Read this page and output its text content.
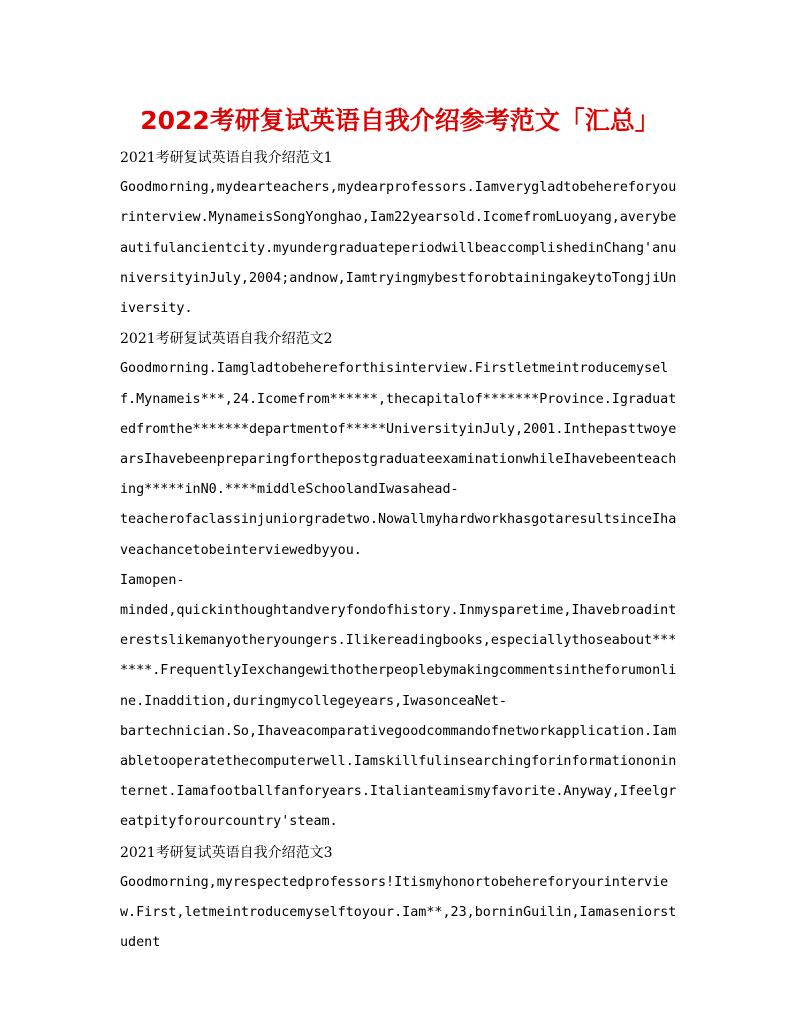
2022考研复试英语自我介绍参考范文「汇总」
2021考研复试英语自我介绍范文1

Goodmorning,mydearteachers,mydearprofessors.Iamverygladtobehereforyourinterview.MynameisSongYonghao,Iam22yearsold.IcomefromLuoyang,averybeautifulancientcity.myundergraduateperiodwillbeaccomplishedinChang'anuniversityinJuly,2004;andnow,IamtryingmybestforobtainingakeytoTongjiUniversity.

2021考研复试英语自我介绍范文2

Goodmorning.Iamgladtobehereforthisinterview.Firstletmeintroducemyself.Mynameis***,24.Icomefrom******,thecapitalof*******Province.Igraduatedfromthe*******departmentof*****UniversityinJuly,2001.InthepasttwoyearsIhavebeenpreparingforthepostgraduateexaminationwhileIhavebeenteaching*****inN0.****middleSchoolandIwasahead-

teacherofaclassinjuniorgradetwo.NowallmyhardworkhasgotaresultsinceIhaveachancetobeinterviewedbyyou.

Iamopen-

minded,quickinthoughtandveryfondofhistory.Inmysparetime,Ihavebroadinterestslikemanyotheryoungers.Ilikereadingbooks,especiallythoseabout*******.FrequentlyIexchangewithotherpeoplebymakingcommentsintheforumonline.Inaddition,duringmycollegeyears,IwasonceaNet-

bartechnician.So,Ihaveacomparativegoodcommandofnetworkapplication.Iamabletooperatethecomputerwell.Iamskillfulinsearchingforinformationoninternet.Iamafootballfanforyears.Italianteamismyfavorite.Anyway,Ifeelgreatpityforourcountry'steam.

2021考研复试英语自我介绍范文3

Goodmorning,myrespectedprofessors!Itismyhonortobehereforyourinterview.First,letmeintroducemyselftoyour.Iam**,23,borninGuilin,Iamaseniorstudent
